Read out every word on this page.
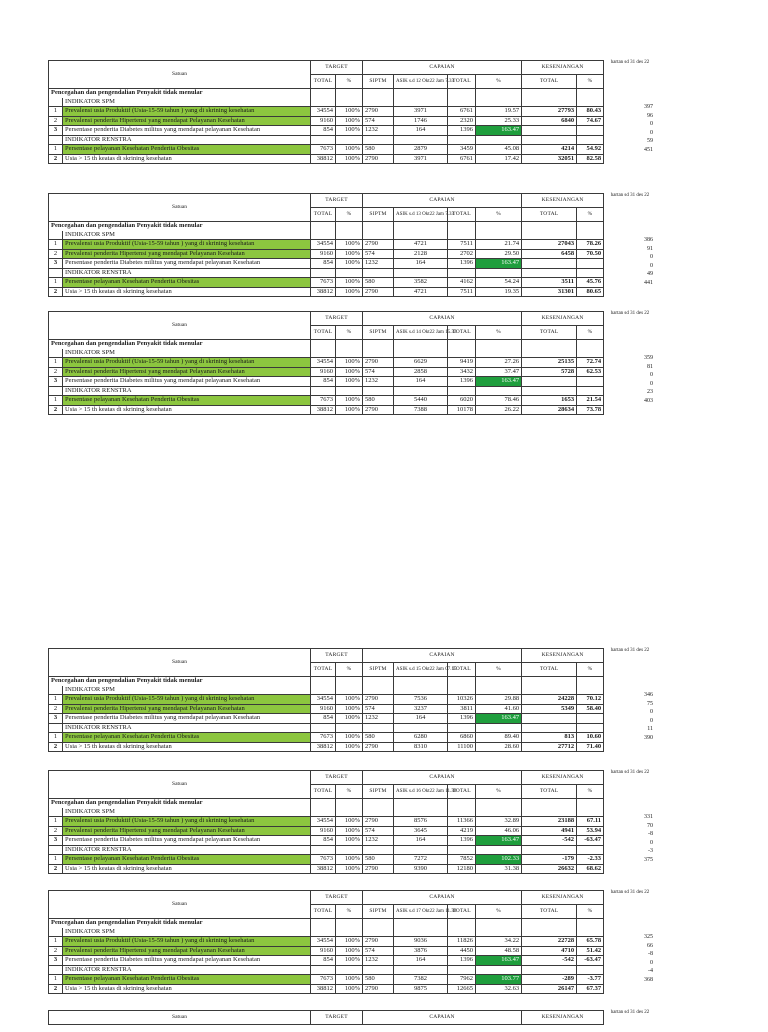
Satuan		TARGET		CAPAIAN				KESENJANGAN	
		TOTAL	%	SIPTM	ASIK s.d 12 Okt22 Jam 7.33	TOTAL	%	TOTAL	%
Pencegahan dan pengendalian Penyakit tidak menular									
	INDIKATOR SPM								
1	Prevalensi usia Produktif (Usia-15-59 tahun ) yang di skrining kesehatan	34554	100%	2790	3971	6761	19.57	27793	80.43
2	Prevalensi penderita Hipertensi yang mendapat Pelayanan Kesehatan	9160	100%	574	1746	2320	25.33	6840	74.67
3	Persentase penderita Diabetes militus yang mendapat pelayanan Kesehatan	854	100%	1232	164	1396	163.47		
	INDIKATOR RENSTRA								
1	Persentase pelayanan Kesehatan Penderita Obesitas	7673	100%	580	2879	3459	45.08	4214	54.92
2	Usia > 15 th keatas di skrining kesehatan	38812	100%	2790	3971	6761	17.42	32051	82.58
hartan sd 31 des 22
397
96
0
0
59
451
Satuan		TARGET		CAPAIAN				KESENJANGAN	
		TOTAL	%	SIPTM	ASIK s.d 13 Okt22 Jam 7.33	TOTAL	%	TOTAL	%
Pencegahan dan pengendalian Penyakit tidak menular									
	INDIKATOR SPM								
1	Prevalensi usia Produktif (Usia-15-59 tahun ) yang di skrining kesehatan	34554	100%	2790	4721	7511	21.74	27043	78.26
2	Prevalensi penderita Hipertensi yang mendapat Pelayanan Kesehatan	9160	100%	574	2128	2702	29.50	6458	70.50
3	Persentase penderita Diabetes militus yang mendapat pelayanan Kesehatan	854	100%	1232	164	1396	163.47		
	INDIKATOR RENSTRA								
1	Persentase pelayanan Kesehatan Penderita Obesitas	7673	100%	580	3582	4162	54.24	3511	45.76
2	Usia > 15 th keatas di skrining kesehatan	38812	100%	2790	4721	7511	19.35	31301	80.65
hartan sd 31 des 22
386
91
0
0
49
441
Satuan		TARGET		CAPAIAN				KESENJANGAN	
		TOTAL	%	SIPTM	ASIK s.d 14 Okt22 Jam 15.33	TOTAL	%	TOTAL	%
Pencegahan dan pengendalian Penyakit tidak menular									
	INDIKATOR SPM								
1	Prevalensi usia Produktif (Usia-15-59 tahun ) yang di skrining kesehatan	34554	100%	2790	6629	9419	27.26	25135	72.74
2	Prevalensi penderita Hipertensi yang mendapat Pelayanan Kesehatan	9160	100%	574	2858	3432	37.47	5728	62.53
3	Persentase penderita Diabetes militus yang mendapat pelayanan Kesehatan	854	100%	1232	164	1396	163.47		
	INDIKATOR RENSTRA								
1	Persentase pelayanan Kesehatan Penderita Obesitas	7673	100%	580	5440	6020	78.46	1653	21.54
2	Usia > 15 th keatas di skrining kesehatan	38812	100%	2790	7388	10178	26.22	28634	73.78
hartan sd 31 des 22
359
81
0
0
23
403
Satuan		TARGET		CAPAIAN				KESENJANGAN	
		TOTAL	%	SIPTM	ASIK s.d 15 Okt22 Jam 07.15	TOTAL	%	TOTAL	%
Pencegahan dan pengendalian Penyakit tidak menular									
	INDIKATOR SPM								
1	Prevalensi usia Produktif (Usia-15-59 tahun ) yang di skrining kesehatan	34554	100%	2790	7536	10326	29.88	24228	70.12
2	Prevalensi penderita Hipertensi yang mendapat Pelayanan Kesehatan	9160	100%	574	3237	3811	41.60	5349	58.40
3	Persentase penderita Diabetes militus yang mendapat pelayanan Kesehatan	854	100%	1232	164	1396	163.47		
	INDIKATOR RENSTRA								
1	Persentase pelayanan Kesehatan Penderita Obesitas	7673	100%	580	6280	6860	89.40	813	10.60
2	Usia > 15 th keatas di skrining kesehatan	38812	100%	2790	8310	11100	28.60	27712	71.40
hartan sd 31 des 22
346
75
0
0
11
390
Satuan		TARGET		CAPAIAN				KESENJANGAN	
		TOTAL	%	SIPTM	ASIK s.d 16 Okt22 Jam 11.30	TOTAL	%	TOTAL	%
Pencegahan dan pengendalian Penyakit tidak menular									
	INDIKATOR SPM								
1	Prevalensi usia Produktif (Usia-15-59 tahun ) yang di skrining kesehatan	34554	100%	2790	8576	11366	32.89	23188	67.11
2	Prevalensi penderita Hipertensi yang mendapat Pelayanan Kesehatan	9160	100%	574	3645	4219	46.06	4941	53.94
3	Persentase penderita Diabetes militus yang mendapat pelayanan Kesehatan	854	100%	1232	164	1396	163.47	-542	-63.47
	INDIKATOR RENSTRA								
1	Persentase pelayanan Kesehatan Penderita Obesitas	7673	100%	580	7272	7852	102.33	-179	-2.33
2	Usia > 15 th keatas di skrining kesehatan	38812	100%	2790	9390	12180	31.38	26632	68.62
hartan sd 31 des 22
331
70
-8
0
-3
375
Satuan		TARGET		CAPAIAN				KESENJANGAN	
		TOTAL	%	SIPTM	ASIK s.d 17 Okt22 Jam 11.30	TOTAL	%	TOTAL	%
Pencegahan dan pengendalian Penyakit tidak menular									
	INDIKATOR SPM								
1	Prevalensi usia Produktif (Usia-15-59 tahun ) yang di skrining kesehatan	34554	100%	2790	9036	11826	34.22	22728	65.78
2	Prevalensi penderita Hipertensi yang mendapat Pelayanan Kesehatan	9160	100%	574	3876	4450	48.58	4710	51.42
3	Persentase penderita Diabetes militus yang mendapat pelayanan Kesehatan	854	100%	1232	164	1396	163.47	-542	-63.47
	INDIKATOR RENSTRA								
1	Persentase pelayanan Kesehatan Penderita Obesitas	7673	100%	580	7382	7962	103.77	-289	-3.77
2	Usia > 15 th keatas di skrining kesehatan	38812	100%	2790	9875	12665	32.63	26147	67.37
hartan sd 31 des 22
325
66
-8
0
-4
368
Satuan	TARGET	CAPAIAN	KESENJANGAN
hartan sd 31 des 22
